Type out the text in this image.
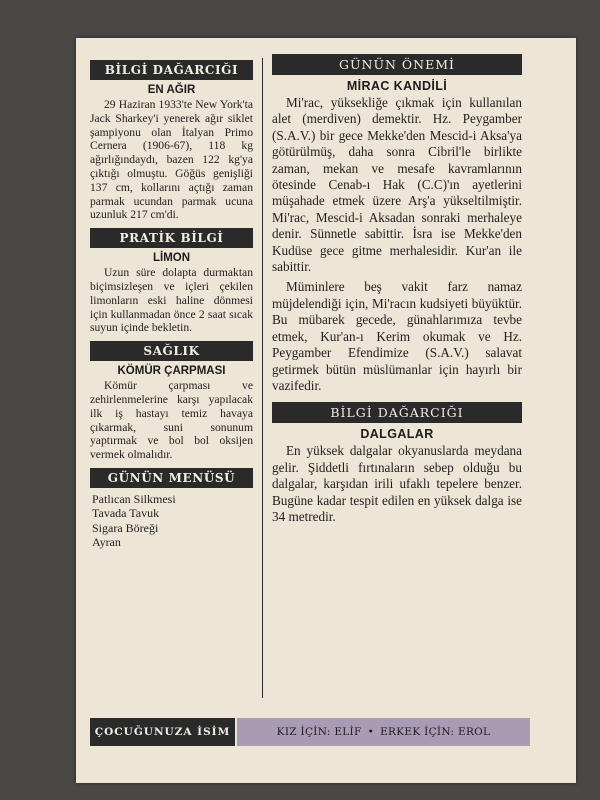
BİLGİ DAĞARCIĞI
EN AĞIR

29 Haziran 1933'te New York'ta Jack Sharkey'i yenerek ağır siklet şampiyonu olan İtalyan Primo Cernera (1906-67), 118 kg ağırlığındaydı, bazen 122 kg'ya çıktığı olmuştu. Göğüs genişliği 137 cm, kollarını açtığı zaman parmak ucundan parmak ucuna uzunluk 217 cm'di.

PRATİK BİLGİ
LİMON

Uzun süre dolapta durmaktan biçimsizleşen ve içleri çekilen limonların eski haline dönmesi için kullanmadan önce 2 saat sıcak suyun içinde bekletin.

SAĞLIK
KÖMÜR ÇARPMASI

Kömür çarpması ve zehirlenmelerine karşı yapılacak ilk iş hastayı temiz havaya çıkarmak, suni sonunum yaptırmak ve bol bol oksijen vermek olmalıdır.

GÜNÜN MENÜSÜ
Patlıcan Silkmesi
Tavada Tavuk
Sigara Böreği
Ayran
GÜNÜN ÖNEMİ
MİRAC KANDİLİ

Mi'rac, yüksekliğe çıkmak için kullanılan alet (merdiven) demektir. Hz. Peygamber (S.A.V.) bir gece Mekke'den Mescid-i Aksa'ya götürülmüş, daha sonra Cibril'le birlikte zaman, mekan ve mesafe kavramlarının ötesinde Cenab-ı Hak (C.C)'ın ayetlerini müşahade etmek üzere Arş'a yükseltilmiştir. Mi'rac, Mescid-i Aksadan sonraki merhaleye denir. Sünnetle sabittir. İsra ise Mekke'den Kudüse gece gitme merhalesidir. Kur'an ile sabittir.

Müminlere beş vakit farz namaz müjdelendiği için, Mi'racın kudsiyeti büyüktür. Bu mübarek gecede, günahlarımıza tevbe etmek, Kur'an-ı Kerim okumak ve Hz. Peygamber Efendimize (S.A.V.) salavat getirmek bütün müslümanlar için hayırlı bir vazifedir.

BİLGİ DAĞARCIĞI
DALGALAR

En yüksek dalgalar okyanuslarda meydana gelir. Şiddetli fırtınaların sebep olduğu bu dalgalar, karşıdan irili ufaklı tepelere benzer. Bugüne kadar tespit edilen en yüksek dalga ise 34 metredir.

ÇOCUĞUNUZA İSİM	KIZ İÇİN: ELİF • ERKEK İÇİN: EROL
